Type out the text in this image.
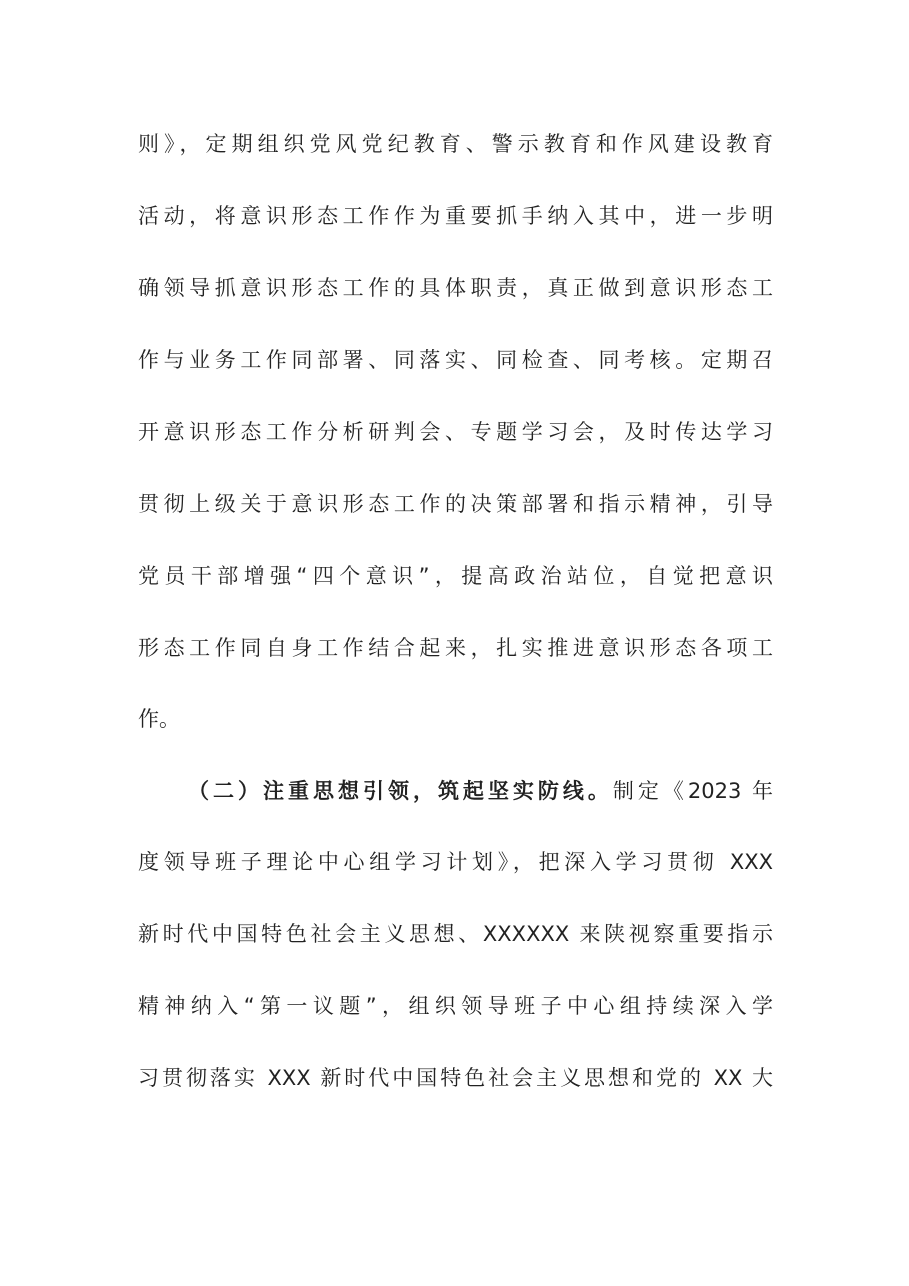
则》，定期组织党风党纪教育、警示教育和作风建设教育
活动，将意识形态工作作为重要抓手纳入其中，进一步明
确领导抓意识形态工作的具体职责，真正做到意识形态工
作与业务工作同部署、同落实、同检查、同考核。定期召
开意识形态工作分析研判会、专题学习会，及时传达学习
贯彻上级关于意识形态工作的决策部署和指示精神，引导
党员干部增强“四个意识”，提高政治站位，自觉把意识
形态工作同自身工作结合起来，扎实推进意识形态各项工
作。
（二）注重思想引领，筑起坚实防线。制定《2023 年
度领导班子理论中心组学习计划》，把深入学习贯彻 XXX
新时代中国特色社会主义思想、XXXXXX 来陕视察重要指示
精神纳入“第一议题”，组织领导班子中心组持续深入学
习贯彻落实 XXX 新时代中国特色社会主义思想和党的 XX 大
